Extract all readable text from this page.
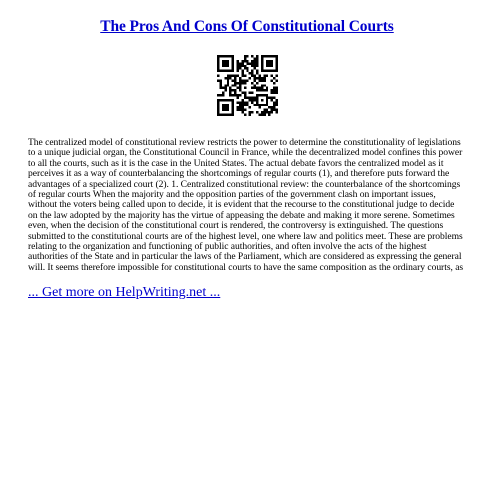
The Pros And Cons Of Constitutional Courts

The centralized model of constitutional review restricts the power to determine the constitutionality of legislations to a unique judicial organ, the Constitutional Council in France, while the decentralized model confines this power to all the courts, such as it is the case in the United States. The actual debate favors the centralized model as it perceives it as a way of counterbalancing the shortcomings of regular courts (1), and therefore puts forward the advantages of a specialized court (2). 1. Centralized constitutional review: the counterbalance of the shortcomings of regular courts When the majority and the opposition parties of the government clash on important issues, without the voters being called upon to decide, it is evident that the recourse to the constitutional judge to decide on the law adopted by the majority has the virtue of appeasing the debate and making it more serene. Sometimes even, when the decision of the constitutional court is rendered, the controversy is extinguished. The questions submitted to the constitutional courts are of the highest level, one where law and politics meet. These are problems relating to the organization and functioning of public authorities, and often involve the acts of the highest authorities of the State and in particular the laws of the Parliament, which are considered as expressing the general will. It seems therefore impossible for constitutional courts to have the same composition as the ordinary courts, as

... Get more on HelpWriting.net ...
